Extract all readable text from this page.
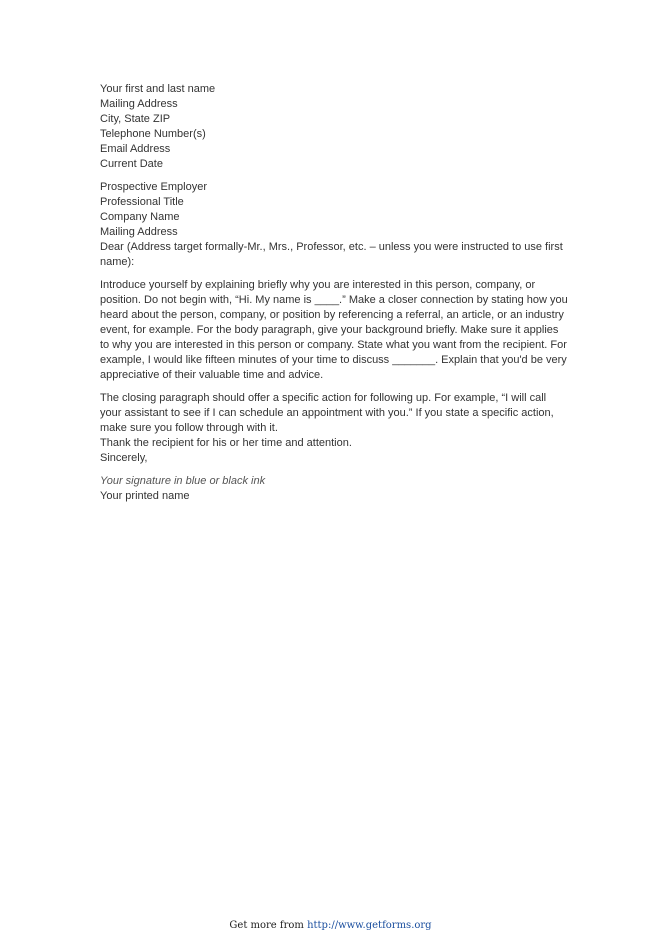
Your first and last name
Mailing Address
City, State ZIP
Telephone Number(s)
Email Address
Current Date
Prospective Employer
Professional Title
Company Name
Mailing Address
Dear (Address target formally-Mr., Mrs., Professor, etc. – unless you were instructed to use first name):

Introduce yourself by explaining briefly why you are interested in this person, company, or position. Do not begin with, “Hi. My name is ____.” Make a closer connection by stating how you heard about the person, company, or position by referencing a referral, an article, or an industry event, for example. For the body paragraph, give your background briefly. Make sure it applies to why you are interested in this person or company. State what you want from the recipient. For example, I would like fifteen minutes of your time to discuss _______. Explain that you'd be very appreciative of their valuable time and advice.

The closing paragraph should offer a specific action for following up. For example, “I will call your assistant to see if I can schedule an appointment with you.” If you state a specific action, make sure you follow through with it.
Thank the recipient for his or her time and attention.
Sincerely,
Your signature in blue or black ink
Your printed name
Get more from http://www.getforms.org
